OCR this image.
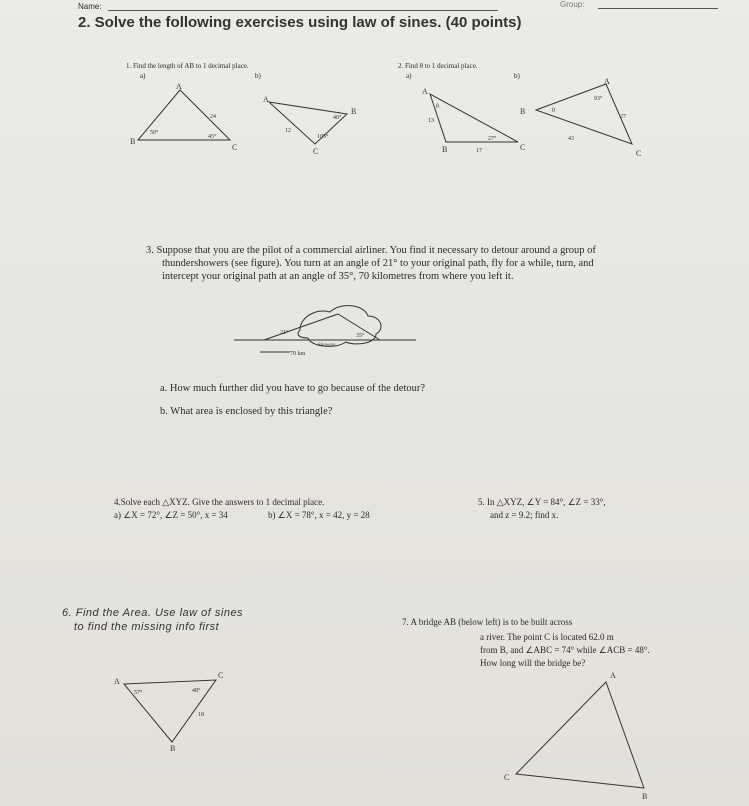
Name:	Group:
2. Solve the following exercises using law of sines. (40 points)
1. Find the length of AB to 1 decimal place.
a)	b)
A
B
C
24
50°
45°
A
B
C
12
40°
105°
2. Find θ to 1 decimal place.
a)	b)
A
B	C
θ
13
17
27°
A
B
C
θ
93°
27
43
3. Suppose that you are the pilot of a commercial airliner. You find it necessary to detour around a group of
thundershowers (see figure). You turn at an angle of 21° to your original path, fly for a while, turn, and
intercept your original path at an angle of 35°, 70 kilometres from where you left it.
21°	35°
Showers
70 km
a. How much further did you have to go because of the detour?
b. What area is enclosed by this triangle?
4.Solve each △XYZ. Give the answers to 1 decimal place.
a) ∠X = 72°, ∠Z = 50°, x = 34	b) ∠X = 78°, x = 42, y = 28
5. In △XYZ, ∠Y = 84°, ∠Z = 33°,
and z = 9.2; find x.
6. Find the Area. Use law of sines
to find the missing info first
A
C
B
57°	48°
18
7. A bridge AB (below left) is to be built across
a river. The point C is located 62.0 m
from B, and ∠ABC = 74° while ∠ACB = 48°.
How long will the bridge be?
A
C
B
